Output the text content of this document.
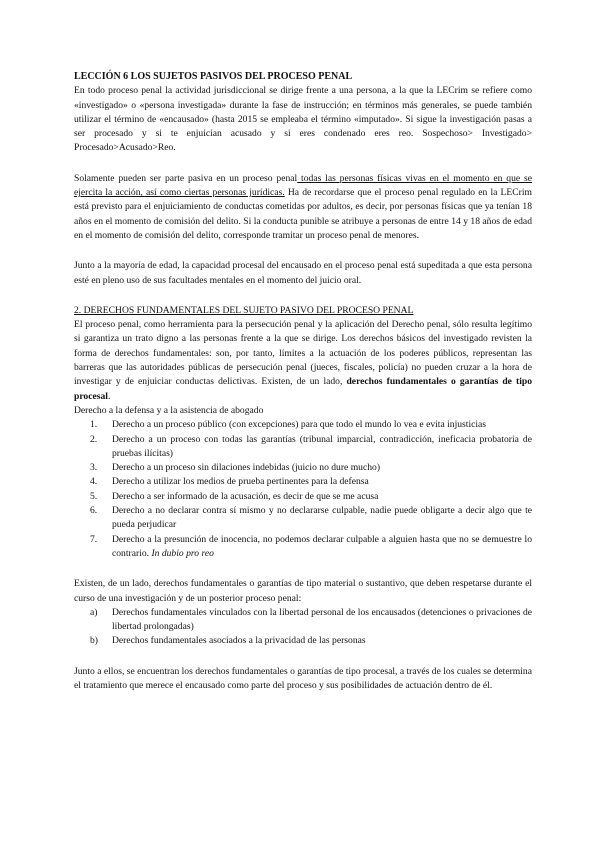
LECCIÓN 6 LOS SUJETOS PASIVOS DEL PROCESO PENAL

En todo proceso penal la actividad jurisdiccional se dirige frente a una persona, a la que la LECrim se refiere como «investigado» o «persona investigada» durante la fase de instrucción; en términos más generales, se puede también utilizar el término de «encausado» (hasta 2015 se empleaba el término «imputado». Si sigue la investigación pasas a ser procesado y si te enjuician acusado y si eres condenado eres reo. Sospechoso> Investigado> Procesado>Acusado>Reo.

Solamente pueden ser parte pasiva en un proceso penal todas las personas físicas vivas en el momento en que se ejercita la acción, así como ciertas personas jurídicas. Ha de recordarse que el proceso penal regulado en la LECrim está previsto para el enjuiciamiento de conductas cometidas por adultos, es decir, por personas físicas que ya tenían 18 años en el momento de comisión del delito. Si la conducta punible se atribuye a personas de entre 14 y 18 años de edad en el momento de comisión del delito, corresponde tramitar un proceso penal de menores.

Junto a la mayoría de edad, la capacidad procesal del encausado en el proceso penal está supeditada a que esta persona esté en pleno uso de sus facultades mentales en el momento del juicio oral.

2. DERECHOS FUNDAMENTALES DEL SUJETO PASIVO DEL PROCESO PENAL

El proceso penal, como herramienta para la persecución penal y la aplicación del Derecho penal, sólo resulta legítimo si garantiza un trato digno a las personas frente a la que se dirige. Los derechos básicos del investigado revisten la forma de derechos fundamentales: son, por tanto, límites a la actuación de los poderes públicos, representan las barreras que las autoridades públicas de persecución penal (jueces, fiscales, policía) no pueden cruzar a la hora de investigar y de enjuiciar conductas delictivas. Existen, de un lado, derechos fundamentales o garantías de tipo procesal.

Derecho a la defensa y a la asistencia de abogado

1.	Derecho a un proceso público (con excepciones) para que todo el mundo lo vea e evita injusticias
2.	Derecho a un proceso con todas las garantías (tribunal imparcial, contradicción, ineficacia probatoria de pruebas ilícitas)
3.	Derecho a un proceso sin dilaciones indebidas (juicio no dure mucho)
4.	Derecho a utilizar los medios de prueba pertinentes para la defensa
5.	Derecho a ser informado de la acusación, es decir de que se me acusa
6.	Derecho a no declarar contra sí mismo y no declararse culpable, nadie puede obligarte a decir algo que te pueda perjudicar
7.	Derecho a la presunción de inocencia, no podemos declarar culpable a alguien hasta que no se demuestre lo contrario. In dubio pro reo

Existen, de un lado, derechos fundamentales o garantías de tipo material o sustantivo, que deben respetarse durante el curso de una investigación y de un posterior proceso penal:

a)	Derechos fundamentales vinculados con la libertad personal de los encausados (detenciones o privaciones de libertad prolongadas)
b)	Derechos fundamentales asociados a la privacidad de las personas

Junto a ellos, se encuentran los derechos fundamentales o garantías de tipo procesal, a través de los cuales se determina el tratamiento que merece el encausado como parte del proceso y sus posibilidades de actuación dentro de él.
